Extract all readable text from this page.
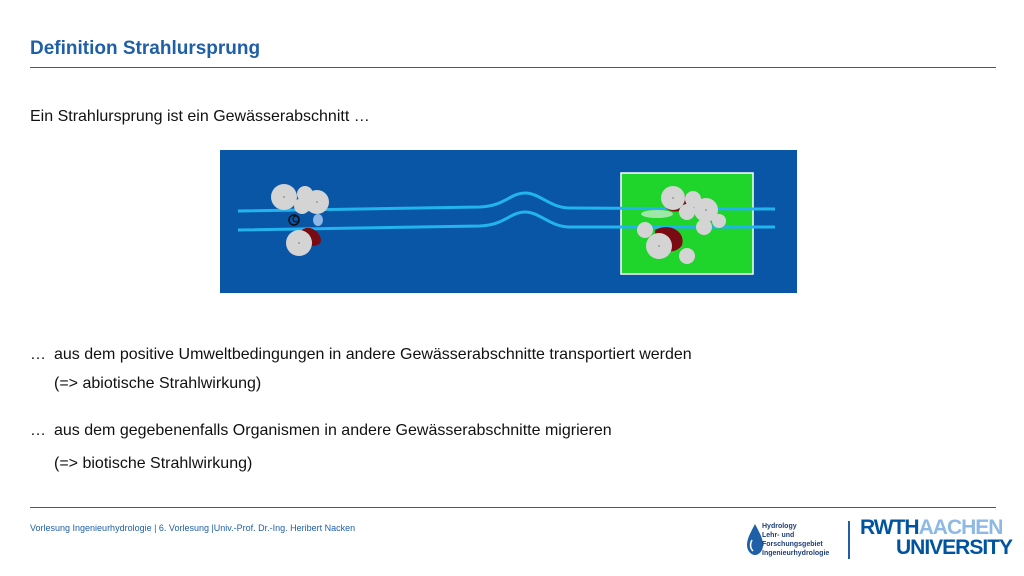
Definition Strahlursprung
Ein Strahlursprung ist ein Gewässerabschnitt …
… aus dem positive Umweltbedingungen in andere Gewässerabschnitte transportiert werden
(=> abiotische Strahlwirkung)
… aus dem gegebenenfalls Organismen in andere Gewässerabschnitte migrieren
(=> biotische Strahlwirkung)
Vorlesung Ingenieurhydrologie | 6. Vorlesung |Univ.-Prof. Dr.-Ing. Heribert Nacken	Hydrology
Lehr- und
Forschungsgebiet
Ingenieurhydrologie
RWTHAACHEN
UNIVERSITY
